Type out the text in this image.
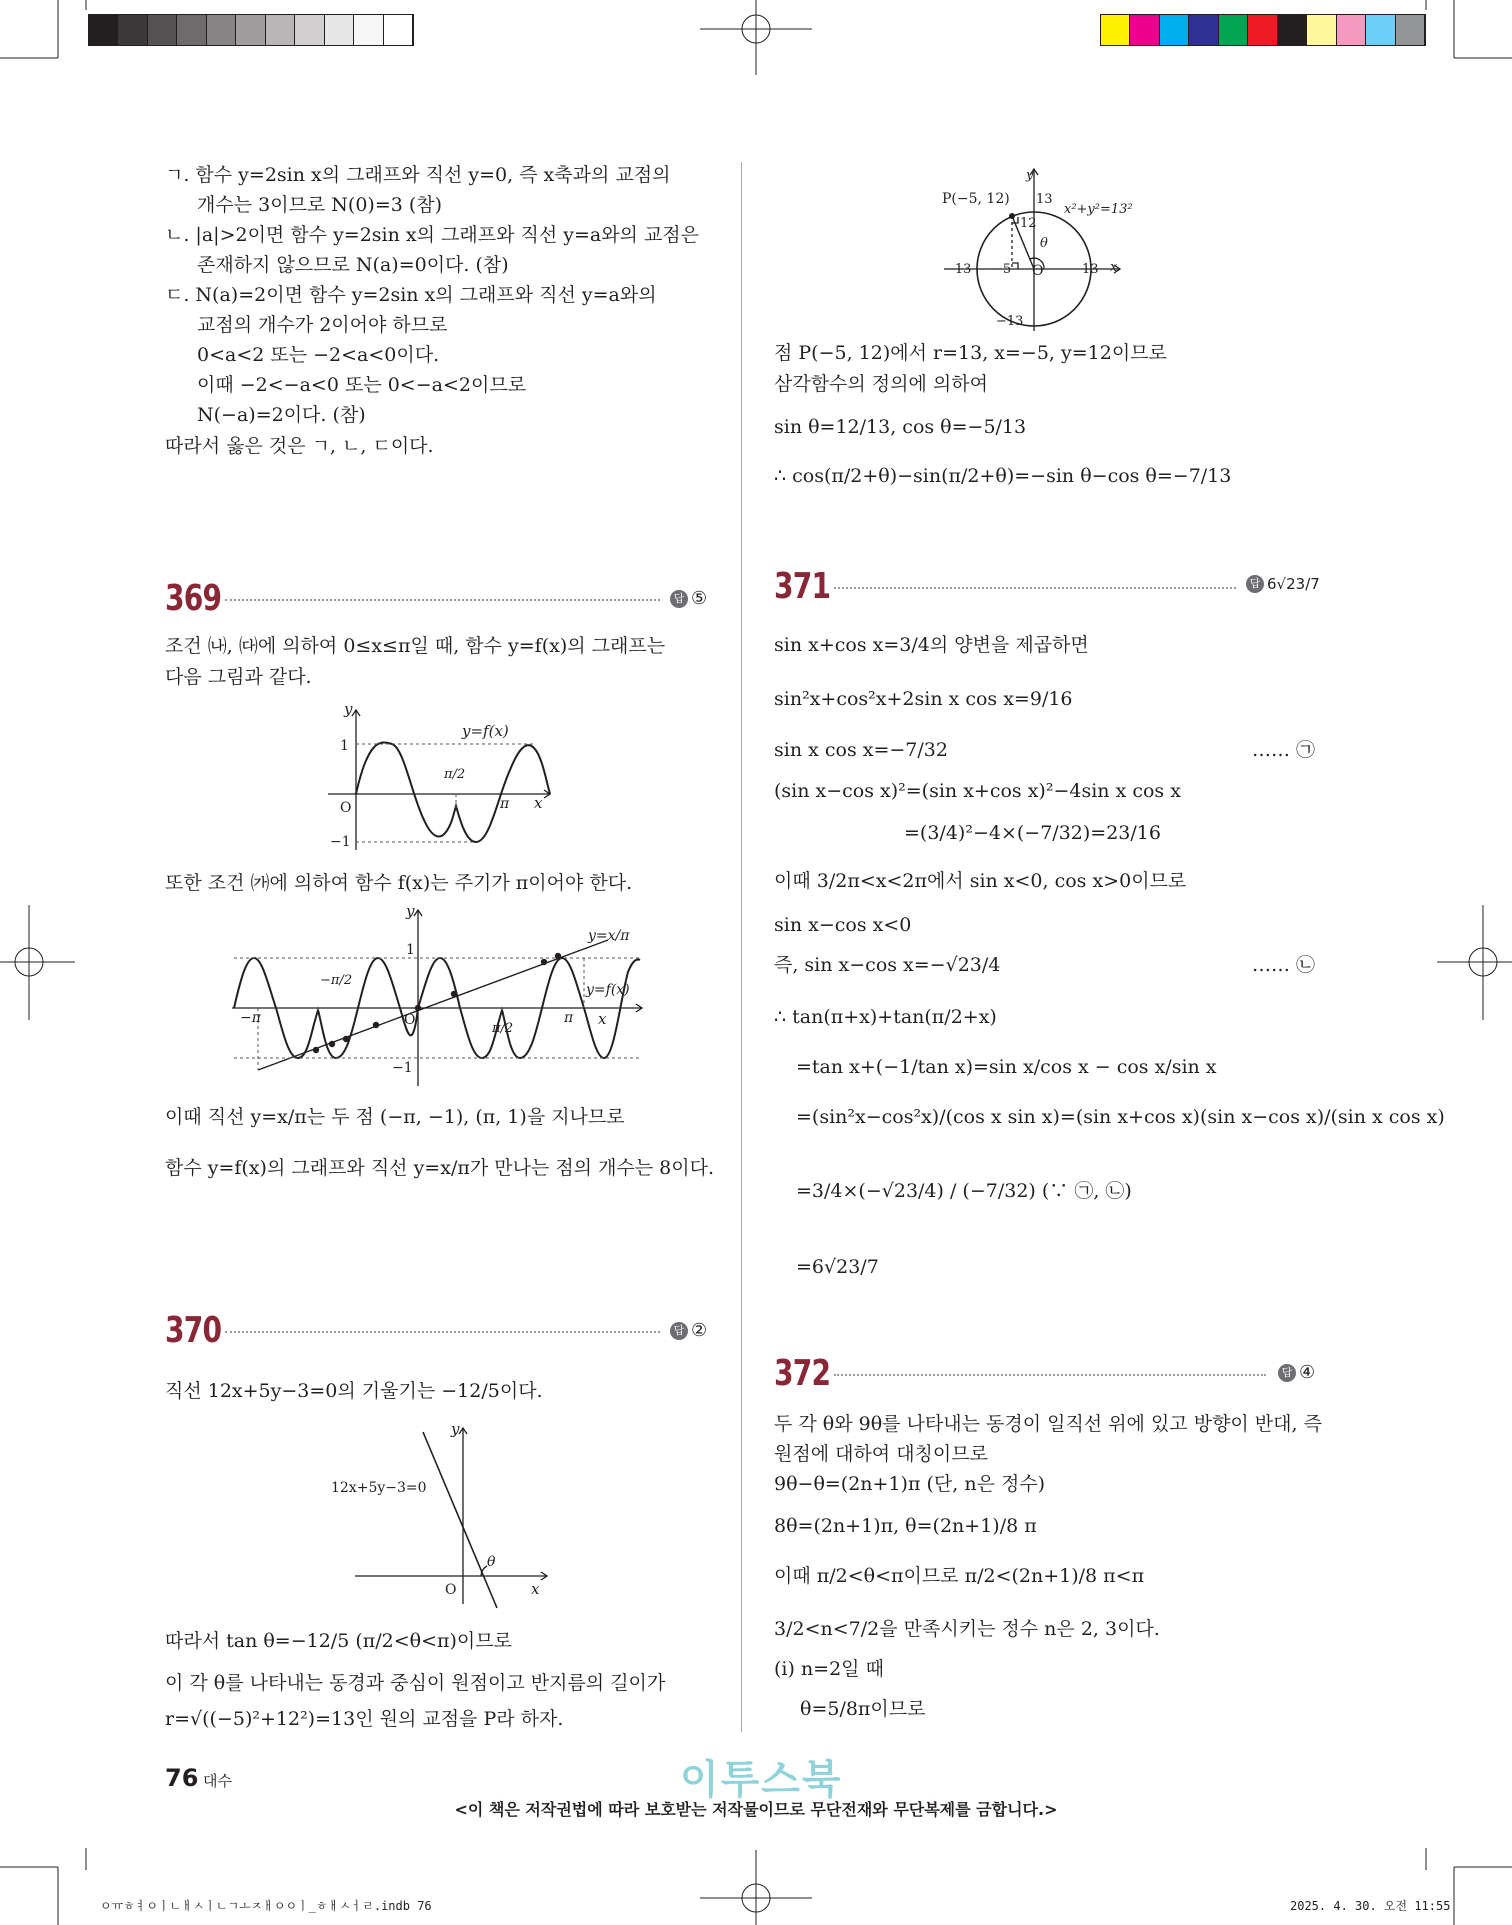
ㄱ. 함수 y=2sin x의 그래프와 직선 y=0, 즉 x축과의 교점의
개수는 3이므로 N(0)=3 (참)
ㄴ. |a|>2이면 함수 y=2sin x의 그래프와 직선 y=a와의 교점은
존재하지 않으므로 N(a)=0이다. (참)
ㄷ. N(a)=2이면 함수 y=2sin x의 그래프와 직선 y=a와의
교점의 개수가 2이어야 하므로
0<a<2 또는 −2<a<0이다.
이때 −2<−a<0 또는 0<−a<2이므로
N(−a)=2이다. (참)
따라서 옳은 것은 ㄱ, ㄴ, ㄷ이다.
369	답 ⑤
조건 ㈏, ㈐에 의하여 0≤x≤π일 때, 함수 y=f(x)의 그래프는
다음 그림과 같다.
y
x
y=f(x)
1
−1
O
π/2
π
또한 조건 ㈎에 의하여 함수 f(x)는 주기가 π이어야 한다.
y
x
y=x/π
y=f(x)
1
−1
O
−π/2
π/2
−π	π
이때 직선 y=x/π는 두 점 (−π, −1), (π, 1)을 지나므로
함수 y=f(x)의 그래프와 직선 y=x/π가 만나는 점의 개수는 8이다.
370	답 ②
직선 12x+5y−3=0의 기울기는 −12/5이다.
y
x
12x+5y−3=0
θ
O
따라서 tan θ=−12/5 (π/2<θ<π)이므로
이 각 θ를 나타내는 동경과 중심이 원점이고 반지름의 길이가
r=√((−5)²+12²)=13인 원의 교점을 P라 하자.
y
x
P(−5, 12)
x²+y²=13²
13
12
θ
−13 −5 O	13
−13
점 P(−5, 12)에서 r=13, x=−5, y=12이므로
삼각함수의 정의에 의하여
sin θ=12/13, cos θ=−5/13
∴ cos(π/2+θ)−sin(π/2+θ)=−sin θ−cos θ=−7/13
371	답 6√23/7
sin x+cos x=3/4의 양변을 제곱하면
sin²x+cos²x+2sin x cos x=9/16
sin x cos x=−7/32	…… ㉠
(sin x−cos x)²=(sin x+cos x)²−4sin x cos x
=(3/4)²−4×(−7/32)=23/16
이때 3/2π<x<2π에서 sin x<0, cos x>0이므로
sin x−cos x<0
즉, sin x−cos x=−√23/4	…… ㉡
∴ tan(π+x)+tan(π/2+x)
=tan x+(−1/tan x)=sin x/cos x − cos x/sin x
=(sin²x−cos²x)/(cos x sin x)=(sin x+cos x)(sin x−cos x)/(sin x cos x)
=3/4×(−√23/4) / (−7/32) (∵ ㉠, ㉡)
=6√23/7
372	답 ④
두 각 θ와 9θ를 나타내는 동경이 일직선 위에 있고 방향이 반대, 즉
원점에 대하여 대칭이므로
9θ−θ=(2n+1)π (단, n은 정수)
8θ=(2n+1)π, θ=(2n+1)/8 π
이때 π/2<θ<π이므로 π/2<(2n+1)/8 π<π
3/2<n<7/2을 만족시키는 정수 n은 2, 3이다.
(i) n=2일 때
θ=5/8π이므로
76 대수	이투스북
<이 책은 저작권법에 따라 보호받는 저작물이므로 무단전재와 무단복제를 금합니다.>
ㅇㅠㅎㅕㅇㅣㄴㅐㅅㅣㄴㄱㅗㅈㅐㅇㅇㅣ_ㅎㅐㅅㅓㄹ.indb 76	2025. 4. 30. 오전 11:55
